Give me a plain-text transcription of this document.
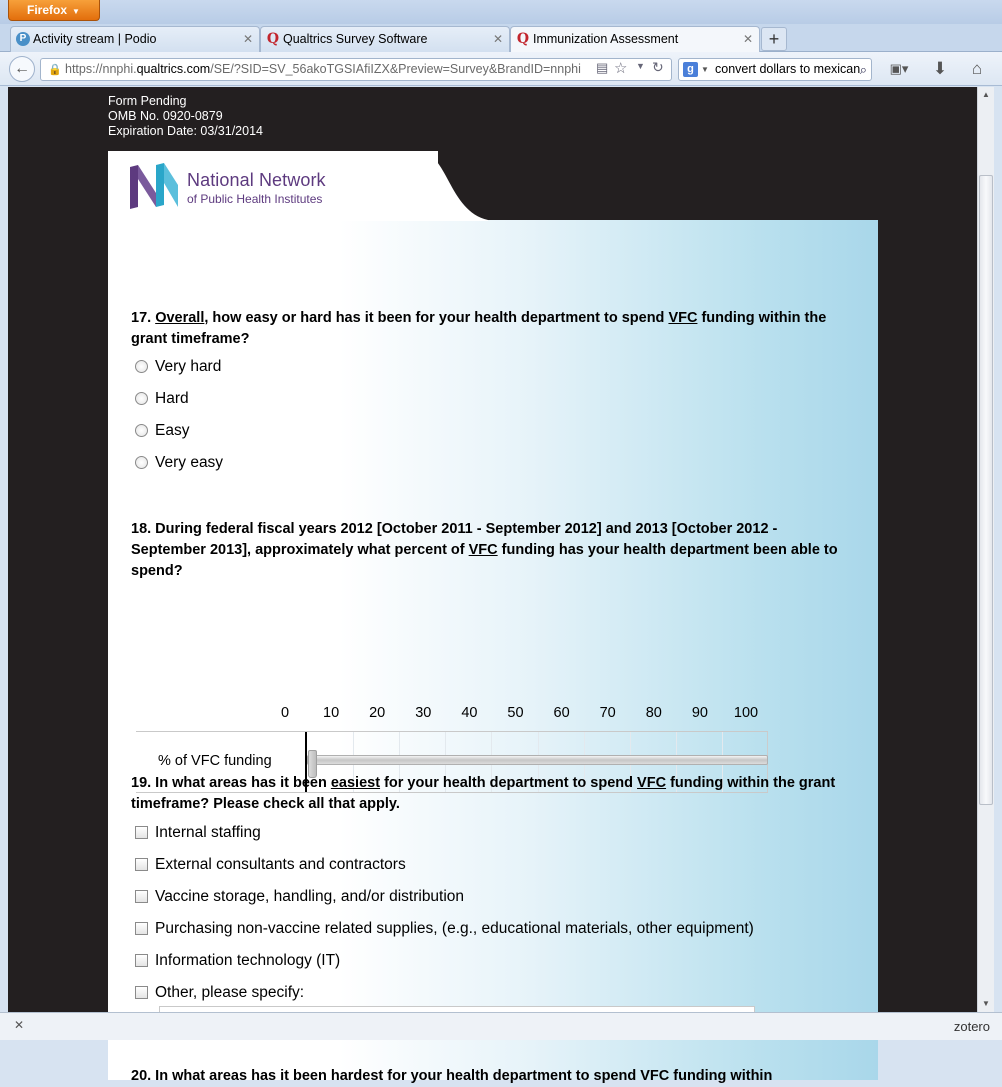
Firefox ▼
P Activity stream | Podio	✕ Q Qualtrics Survey Software	✕ Q Immunization Assessment	✕ +
←	🔒 https://nnphi.qualtrics.com/SE/?SID=SV_56akoTGSIAfiIZX&Preview=Survey&BrandID=nnphi	▤ ☆ ▼ ↻	g ▼ convert dollars to mexican ⌕	▣▾	⬇	⌂
Form Pending
OMB No. 0920-0879
Expiration Date: 03/31/2014
17. Overall, how easy or hard has it been for your health department to spend VFC funding within the grant timeframe?
Very hard
Hard
Easy
Very easy
18. During federal fiscal years 2012 [October 2011 - September 2012] and 2013 [October 2012 - September 2013], approximately what percent of VFC funding has your health department been able to spend?
0 10 20 30 40 50 60 70 80 90 100
% of VFC funding
19. In what areas has it been easiest for your health department to spend VFC funding within the grant timeframe? Please check all that apply.
Internal staffing
External consultants and contractors
Vaccine storage, handling, and/or distribution
Purchasing non-vaccine related supplies, (e.g., educational materials, other equipment)
Information technology (IT)
Other, please specify:
20. In what areas has it been hardest for your health department to spend VFC funding within
National Network
of Public Health Institutes
▲
▼
✕	zotero
